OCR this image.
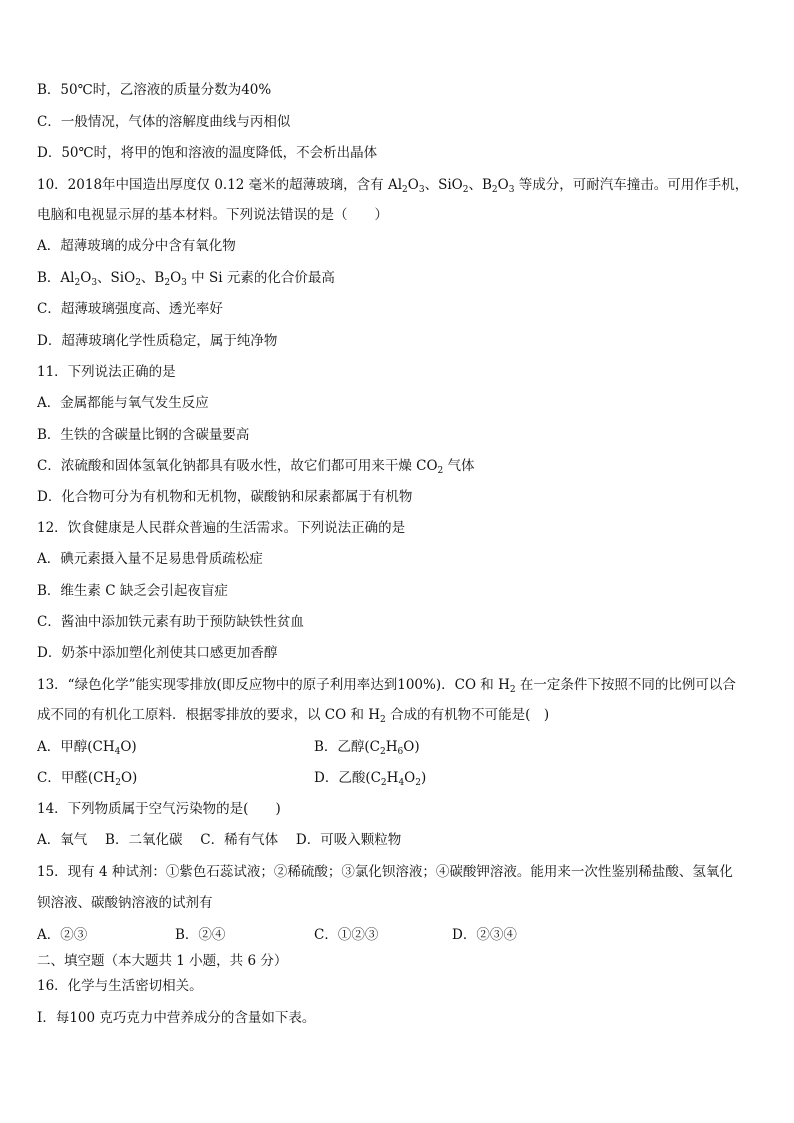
B．50℃时，乙溶液的质量分数为40%
C．一般情况，气体的溶解度曲线与丙相似
D．50℃时，将甲的饱和溶液的温度降低，不会析出晶体
10．2018年中国造出厚度仅 0.12 毫米的超薄玻璃，含有 $Al_2O_3$、SiO$_2$、$B_2O_3$ 等成分，可耐汽车撞击。可用作手机，
电脑和电视显示屏的基本材料。下列说法错误的是（　　）
A．超薄玻璃的成分中含有氧化物
B．$Al_2O_3$、SiO$_2$、$B_2O_3$ 中 Si 元素的化合价最高
C．超薄玻璃强度高、透光率好
D．超薄玻璃化学性质稳定，属于纯净物
11．下列说法正确的是
A．金属都能与氧气发生反应
B．生铁的含碳量比钢的含碳量要高
C．浓硫酸和固体氢氧化钠都具有吸水性，故它们都可用来干燥 $CO_2$ 气体
D．化合物可分为有机物和无机物，碳酸钠和尿素都属于有机物
12．饮食健康是人民群众普遍的生活需求。下列说法正确的是
A．碘元素摄入量不足易患骨质疏松症
B．维生素 C 缺乏会引起夜盲症
C．酱油中添加铁元素有助于预防缺铁性贫血
D．奶茶中添加塑化剂使其口感更加香醇
13．“绿色化学”能实现零排放(即反应物中的原子利用率达到100%)．CO 和 $H_2$ 在一定条件下按照不同的比例可以合
成不同的有机化工原料．根据零排放的要求，以 CO 和 $H_2$ 合成的有机物不可能是(　)
A．甲醇$(CH_4O)$	B．乙醇$(C_2H_6O)$
C．甲醛$(CH_2O)$	D．乙酸$(C_2H_4O_2)$
14．下列物质属于空气污染物的是(　　)
A．氧气　 B．二氧化碳　 C．稀有气体　 D．可吸入颗粒物
15．现有 4 种试剂：①紫色石蕊试液；②稀硫酸；③氯化钡溶液；④碳酸钾溶液。能用来一次性鉴别稀盐酸、氢氧化
钡溶液、碳酸钠溶液的试剂有
A．②③	B．②④	C．①②③	D．②③④
二、填空题（本大题共 1 小题，共 6 分）
16．化学与生活密切相关。
Ⅰ．每100 克巧克力中营养成分的含量如下表。
